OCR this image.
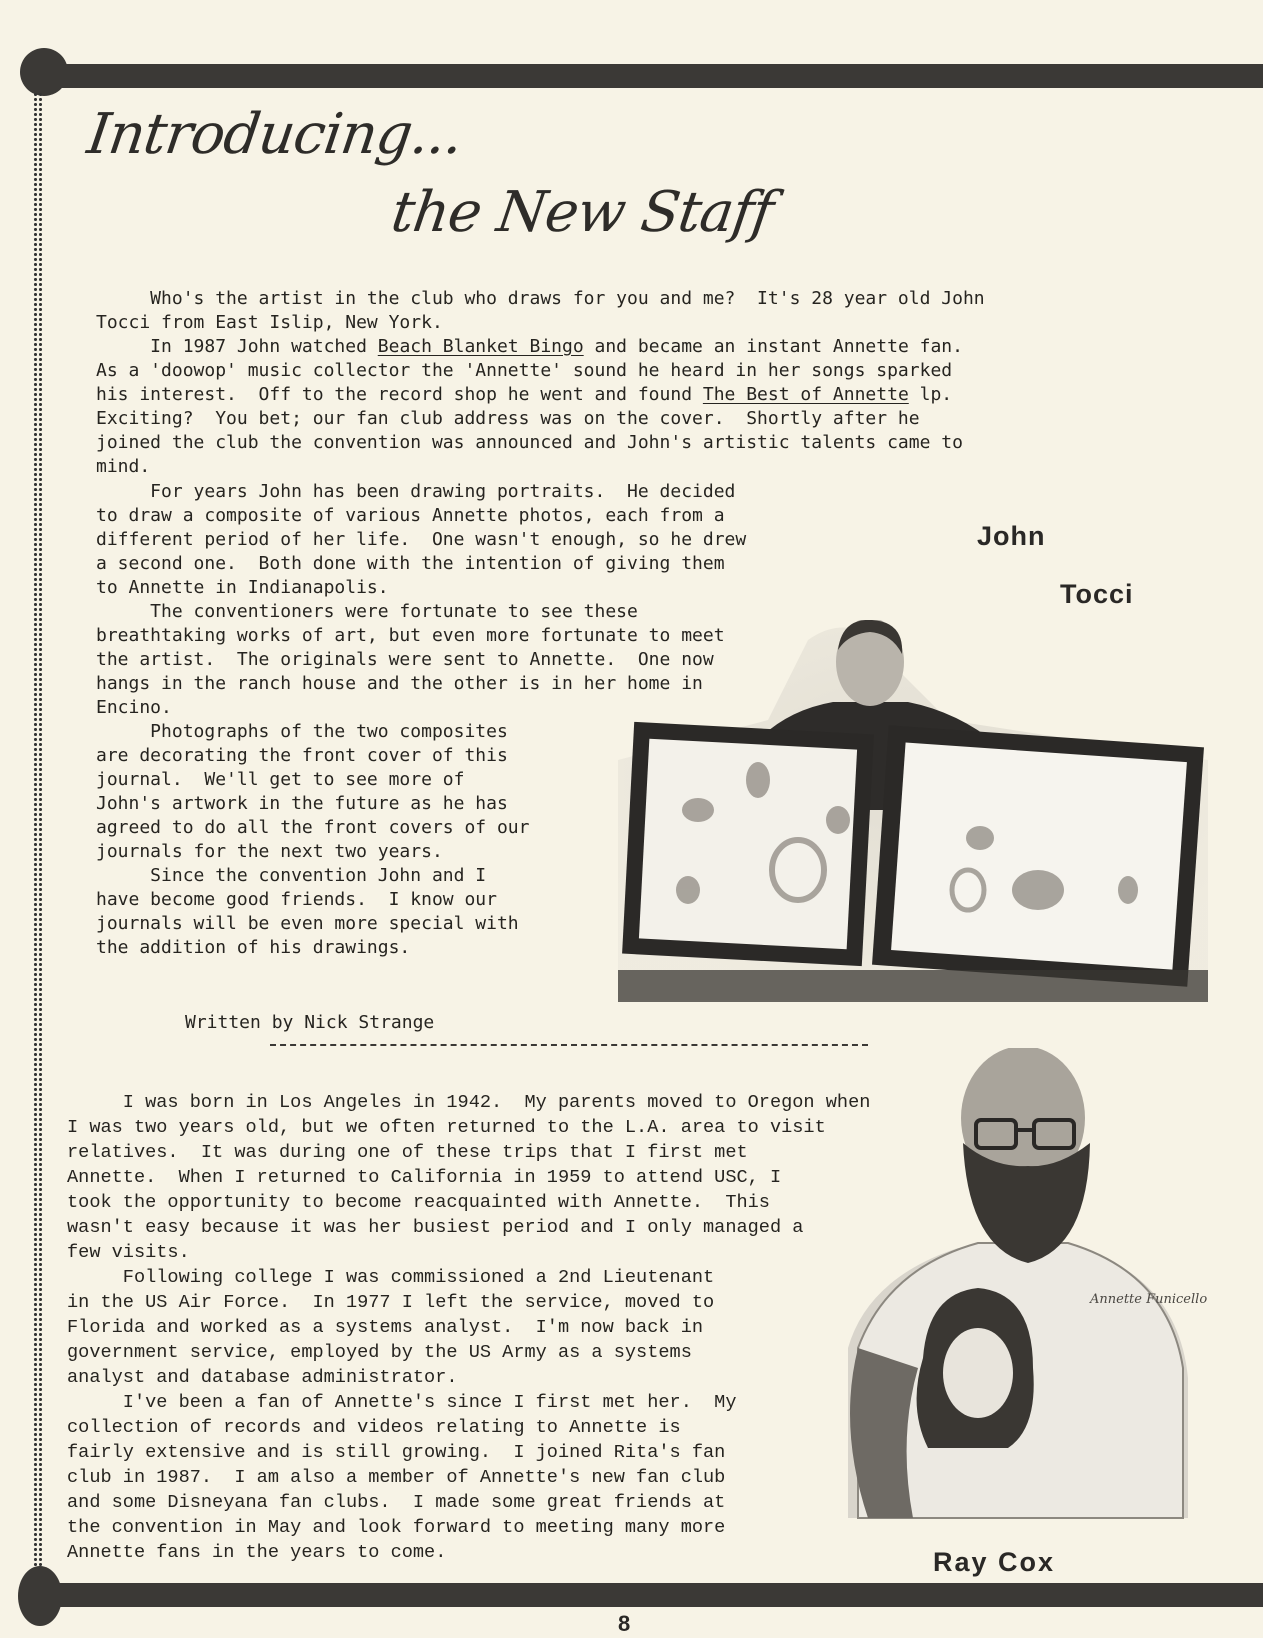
Introducing...
the New Staff
Annette Funicello
Who's the artist in the club who draws for you and me?  It's 28 year old John
Tocci from East Islip, New York.
In 1987 John watched Beach Blanket Bingo and became an instant Annette fan.
As a 'doowop' music collector the 'Annette' sound he heard in her songs sparked
his interest.  Off to the record shop he went and found The Best of Annette lp.
Exciting?  You bet; our fan club address was on the cover.  Shortly after he
joined the club the convention was announced and John's artistic talents came to
mind.
For years John has been drawing portraits.  He decided
to draw a composite of various Annette photos, each from a
different period of her life.  One wasn't enough, so he drew
a second one.  Both done with the intention of giving them
to Annette in Indianapolis.
The conventioners were fortunate to see these
breathtaking works of art, but even more fortunate to meet
the artist.  The originals were sent to Annette.  One now
hangs in the ranch house and the other is in her home in
Encino.
Photographs of the two composites
are decorating the front cover of this
journal.  We'll get to see more of
John's artwork in the future as he has
agreed to do all the front covers of our
journals for the next two years.
Since the convention John and I
have become good friends.  I know our
journals will be even more special with
the addition of his drawings.
John
Tocci
Written by Nick Strange
I was born in Los Angeles in 1942.  My parents moved to Oregon when
I was two years old, but we often returned to the L.A. area to visit
relatives.  It was during one of these trips that I first met
Annette.  When I returned to California in 1959 to attend USC, I
took the opportunity to become reacquainted with Annette.  This
wasn't easy because it was her busiest period and I only managed a
few visits.
Following college I was commissioned a 2nd Lieutenant
in the US Air Force.  In 1977 I left the service, moved to
Florida and worked as a systems analyst.  I'm now back in
government service, employed by the US Army as a systems
analyst and database administrator.
I've been a fan of Annette's since I first met her.  My
collection of records and videos relating to Annette is
fairly extensive and is still growing.  I joined Rita's fan
club in 1987.  I am also a member of Annette's new fan club
and some Disneyana fan clubs.  I made some great friends at
the convention in May and look forward to meeting many more
Annette fans in the years to come.	Ray Cox
8
